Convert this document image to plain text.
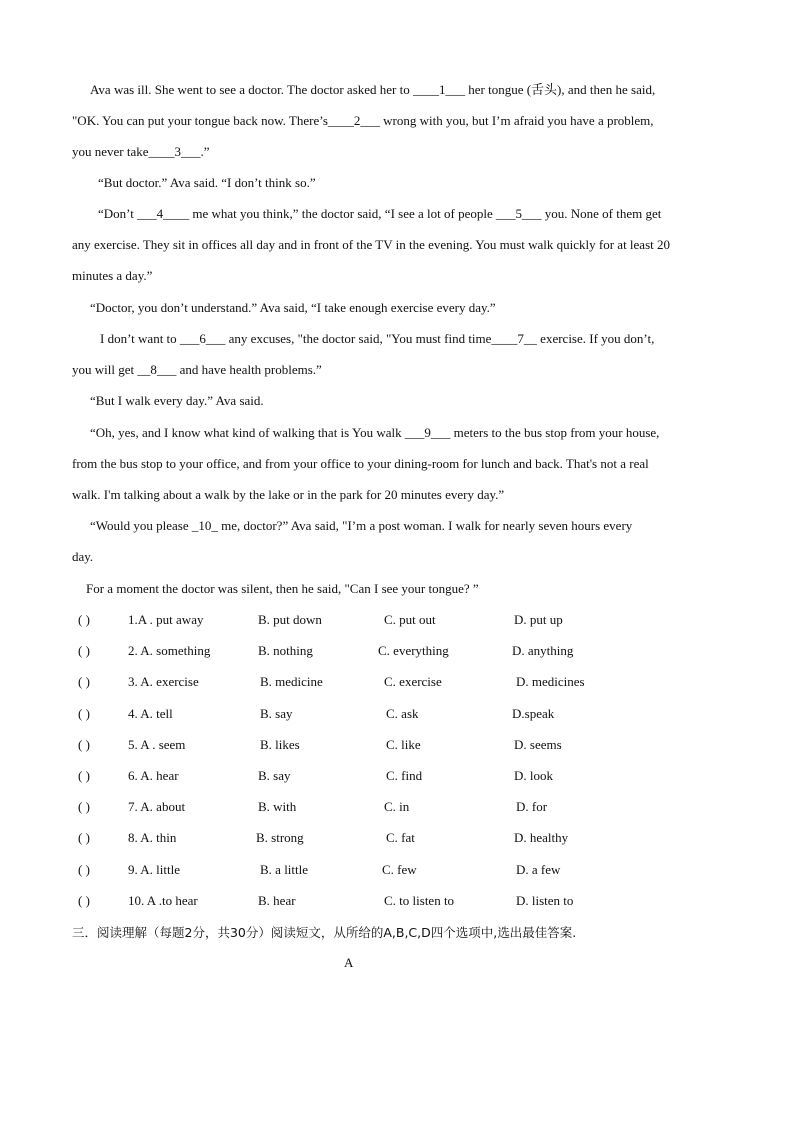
Ava was ill. She went to see a doctor. The doctor asked her to ____1___ her tongue (舌头), and then he said,
"OK. You can put your tongue back now. There’s____2___ wrong with you, but I’m afraid you have a problem,
you never take____3___.”
“But doctor.” Ava said. “I don’t think so.”
“Don’t ___4____ me what you think,” the doctor said, “I see a lot of people ___5___ you. None of them get
any exercise. They sit in offices all day and in front of the TV in the evening. You must walk quickly for at least 20
minutes a day.”
“Doctor, you don’t understand.” Ava said, “I take enough exercise every day.”
I don’t want to ___6___ any excuses, "the doctor said, "You must find time____7__ exercise. If you don’t,
you will get __8___ and have health problems.”
“But I walk every day.” Ava said.
“Oh, yes, and I know what kind of walking that is You walk ___9___ meters to the bus stop from your house,
from the bus stop to your office, and from your office to your dining-room for lunch and back. That's not a real
walk. I'm talking about a walk by the lake or in the park for 20 minutes every day.”
“Would you please _10_ me, doctor?” Ava said, "I’m a post woman. I walk for nearly seven hours every
day.
For a moment the doctor was silent, then he said, "Can I see your tongue? ”
( )	1.A . put away	B. put down	C. put out	D. put up
( )	2. A. something	B. nothing	C. everything	D. anything
( )	3. A. exercise	B. medicine	C. exercise	D. medicines
( )	4. A. tell	B. say	C. ask	D.speak
( )	5. A . seem	B. likes	C. like	D. seems
( )	6. A. hear	B. say	C. find	D. look
( )	7. A. about	B. with	C. in	D. for
( )	8. A. thin	B. strong	C. fat	D. healthy
( )	9. A. little	B. a little	C. few	D. a few
( )	10. A .to hear	B. hear	C. to listen to	D. listen to
三．阅读理解（每题2分，共30分）阅读短文，从所给的A,B,C,D四个选项中,选出最佳答案.
A
